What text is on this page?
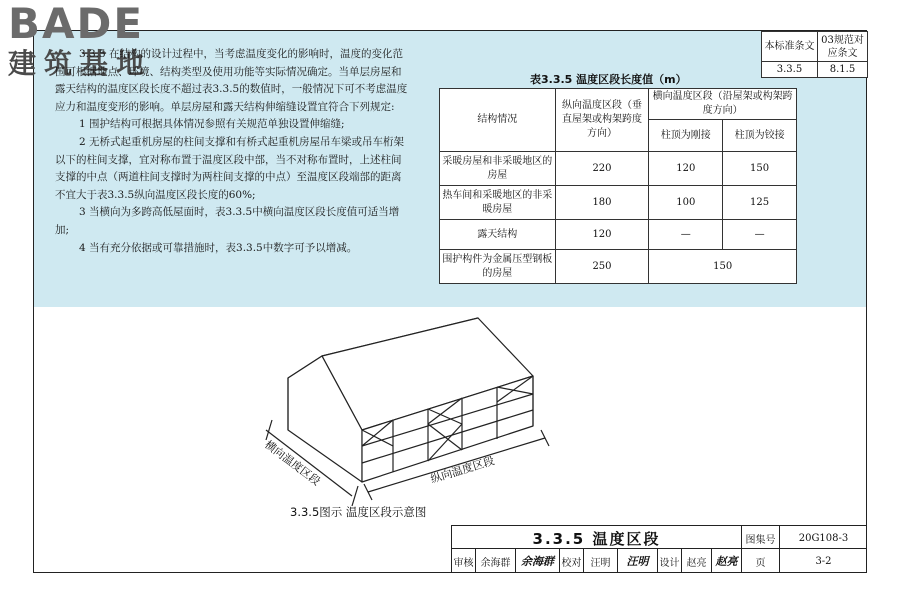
BADE
建筑基地
本标准条文	03规范对应条文
3.3.5	8.1.5

3.3.5 在结构的设计过程中，当考虑温度变化的影响时，温度的变化范围可根据地点、环境、结构类型及使用功能等实际情况确定。当单层房屋和露天结构的温度区段长度不超过表3.3.5的数值时，一般情况下可不考虑温度应力和温度变形的影响。单层房屋和露天结构伸缩缝设置宜符合下列规定:

1 围护结构可根据具体情况参照有关规范单独设置伸缩缝;

2 无桥式起重机房屋的柱间支撑和有桥式起重机房屋吊车梁或吊车桁架以下的柱间支撑，宜对称布置于温度区段中部，当不对称布置时，上述柱间支撑的中点（两道柱间支撑时为两柱间支撑的中点）至温度区段端部的距离不宜大于表3.3.5纵向温度区段长度的60%;

3 当横向为多跨高低屋面时，表3.3.5中横向温度区段长度值可适当增加;

4 当有充分依据或可靠措施时，表3.3.5中数字可予以增减。

表3.3.5 温度区段长度值（m）
结构情况	纵向温度区段（垂直屋架或构架跨度方向）	横向温度区段（沿屋架或构架跨度方向）	
		柱顶为刚接	柱顶为铰接
采暖房屋和非采暖地区的房屋	220	120	150
热车间和采暖地区的非采暖房屋	180	100	125
露天结构	120	—	—
围护构件为金属压型钢板的房屋	250	150	
横向温度区段	纵向温度区段
3.3.5图示 温度区段示意图
3.3.5 温度区段	图集号	20G108-3
审核 余海群 余海群 校对 汪明	汪明	设计 赵亮 赵亮	页	3-2
